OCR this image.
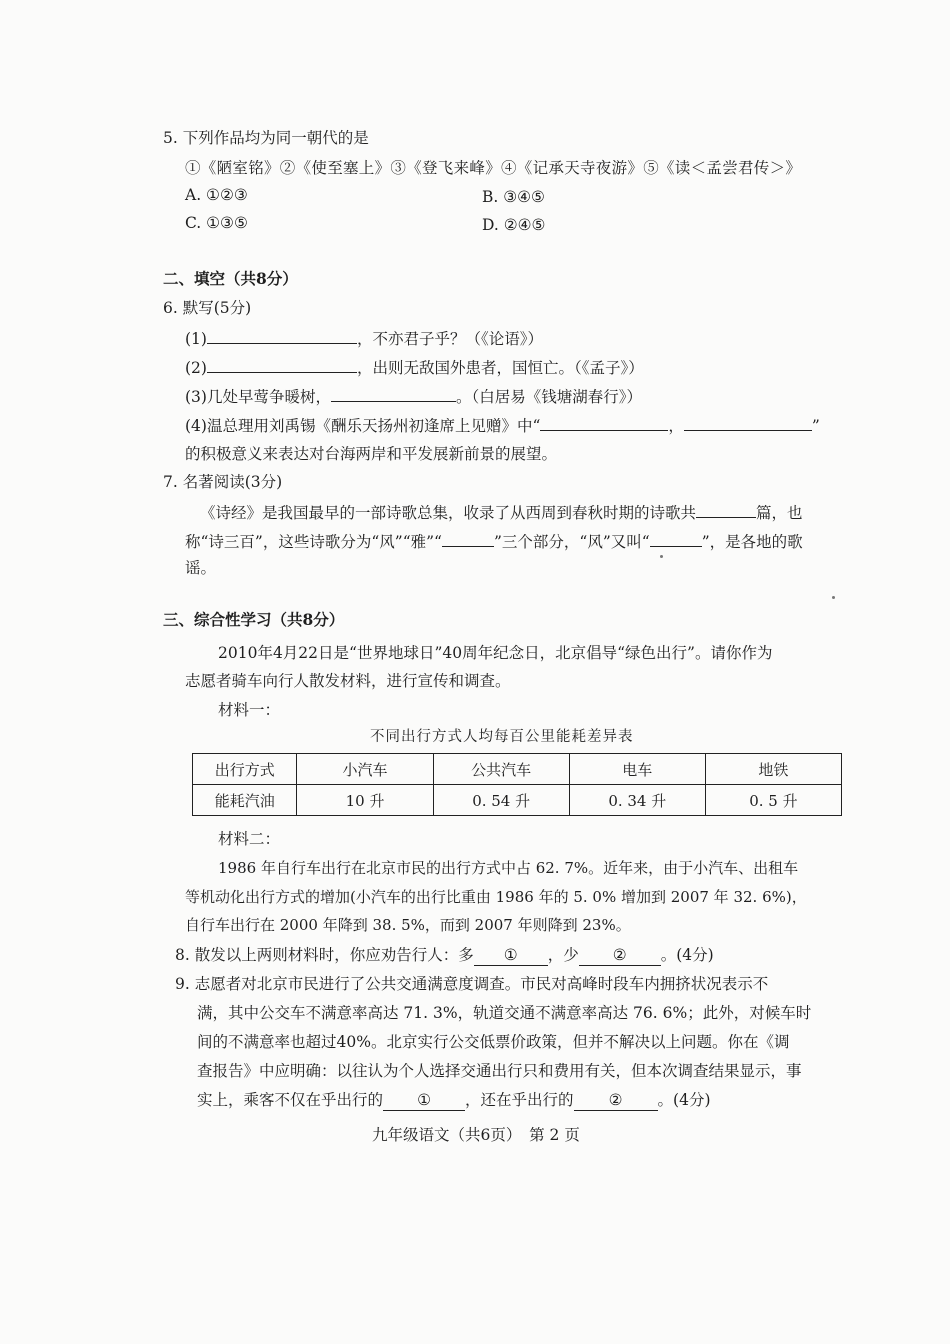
5. 下列作品均为同一朝代的是
①《陋室铭》②《使至塞上》③《登飞来峰》④《记承天寺夜游》⑤《读＜孟尝君传＞》
A. ①②③	B. ③④⑤
C. ①③⑤	D. ②④⑤
二、填空（共8分）
6. 默写(5分)
(1)	，不亦君子乎？（《论语》）
(2)	，出则无敌国外患者，国恒亡。（《孟子》）
(3)几处早莺争暖树，	。（白居易《钱塘湖春行》）
(4)温总理用刘禹锡《酬乐天扬州初逢席上见赠》中“	，	”
的积极意义来表达对台海两岸和平发展新前景的展望。
7. 名著阅读(3分)
《诗经》是我国最早的一部诗歌总集，收录了从西周到春秋时期的诗歌共	篇，也
称“诗三百”，这些诗歌分为“风”“雅”“	”三个部分，“风”又叫“	”，是各地的歌
谣。
三、综合性学习（共8分）
2010年4月22日是“世界地球日”40周年纪念日，北京倡导“绿色出行”。请你作为
志愿者骑车向行人散发材料，进行宣传和调查。
材料一：
不同出行方式人均每百公里能耗差异表
出行方式	小汽车	公共汽车	电车	地铁
能耗汽油	10 升	0. 54 升	0. 34 升	0. 5 升
材料二：
1986 年自行车出行在北京市民的出行方式中占 62. 7%。近年来，由于小汽车、出租车
等机动化出行方式的增加(小汽车的出行比重由 1986 年的 5. 0% 增加到 2007 年 32. 6%)，
自行车出行在 2000 年降到 38. 5%，而到 2007 年则降到 23%。
8. 散发以上两则材料时，你应劝告行人：多 ① ，少 ② 。(4分)
9. 志愿者对北京市民进行了公共交通满意度调查。市民对高峰时段车内拥挤状况表示不
满，其中公交车不满意率高达 71. 3%，轨道交通不满意率高达 76. 6%；此外，对候车时
间的不满意率也超过40%。北京实行公交低票价政策，但并不解决以上问题。你在《调
查报告》中应明确：以往认为个人选择交通出行只和费用有关，但本次调查结果显示，事
实上，乘客不仅在乎出行的 ① ，还在乎出行的 ② 。(4分)
九年级语文（共6页）　第 2 页
